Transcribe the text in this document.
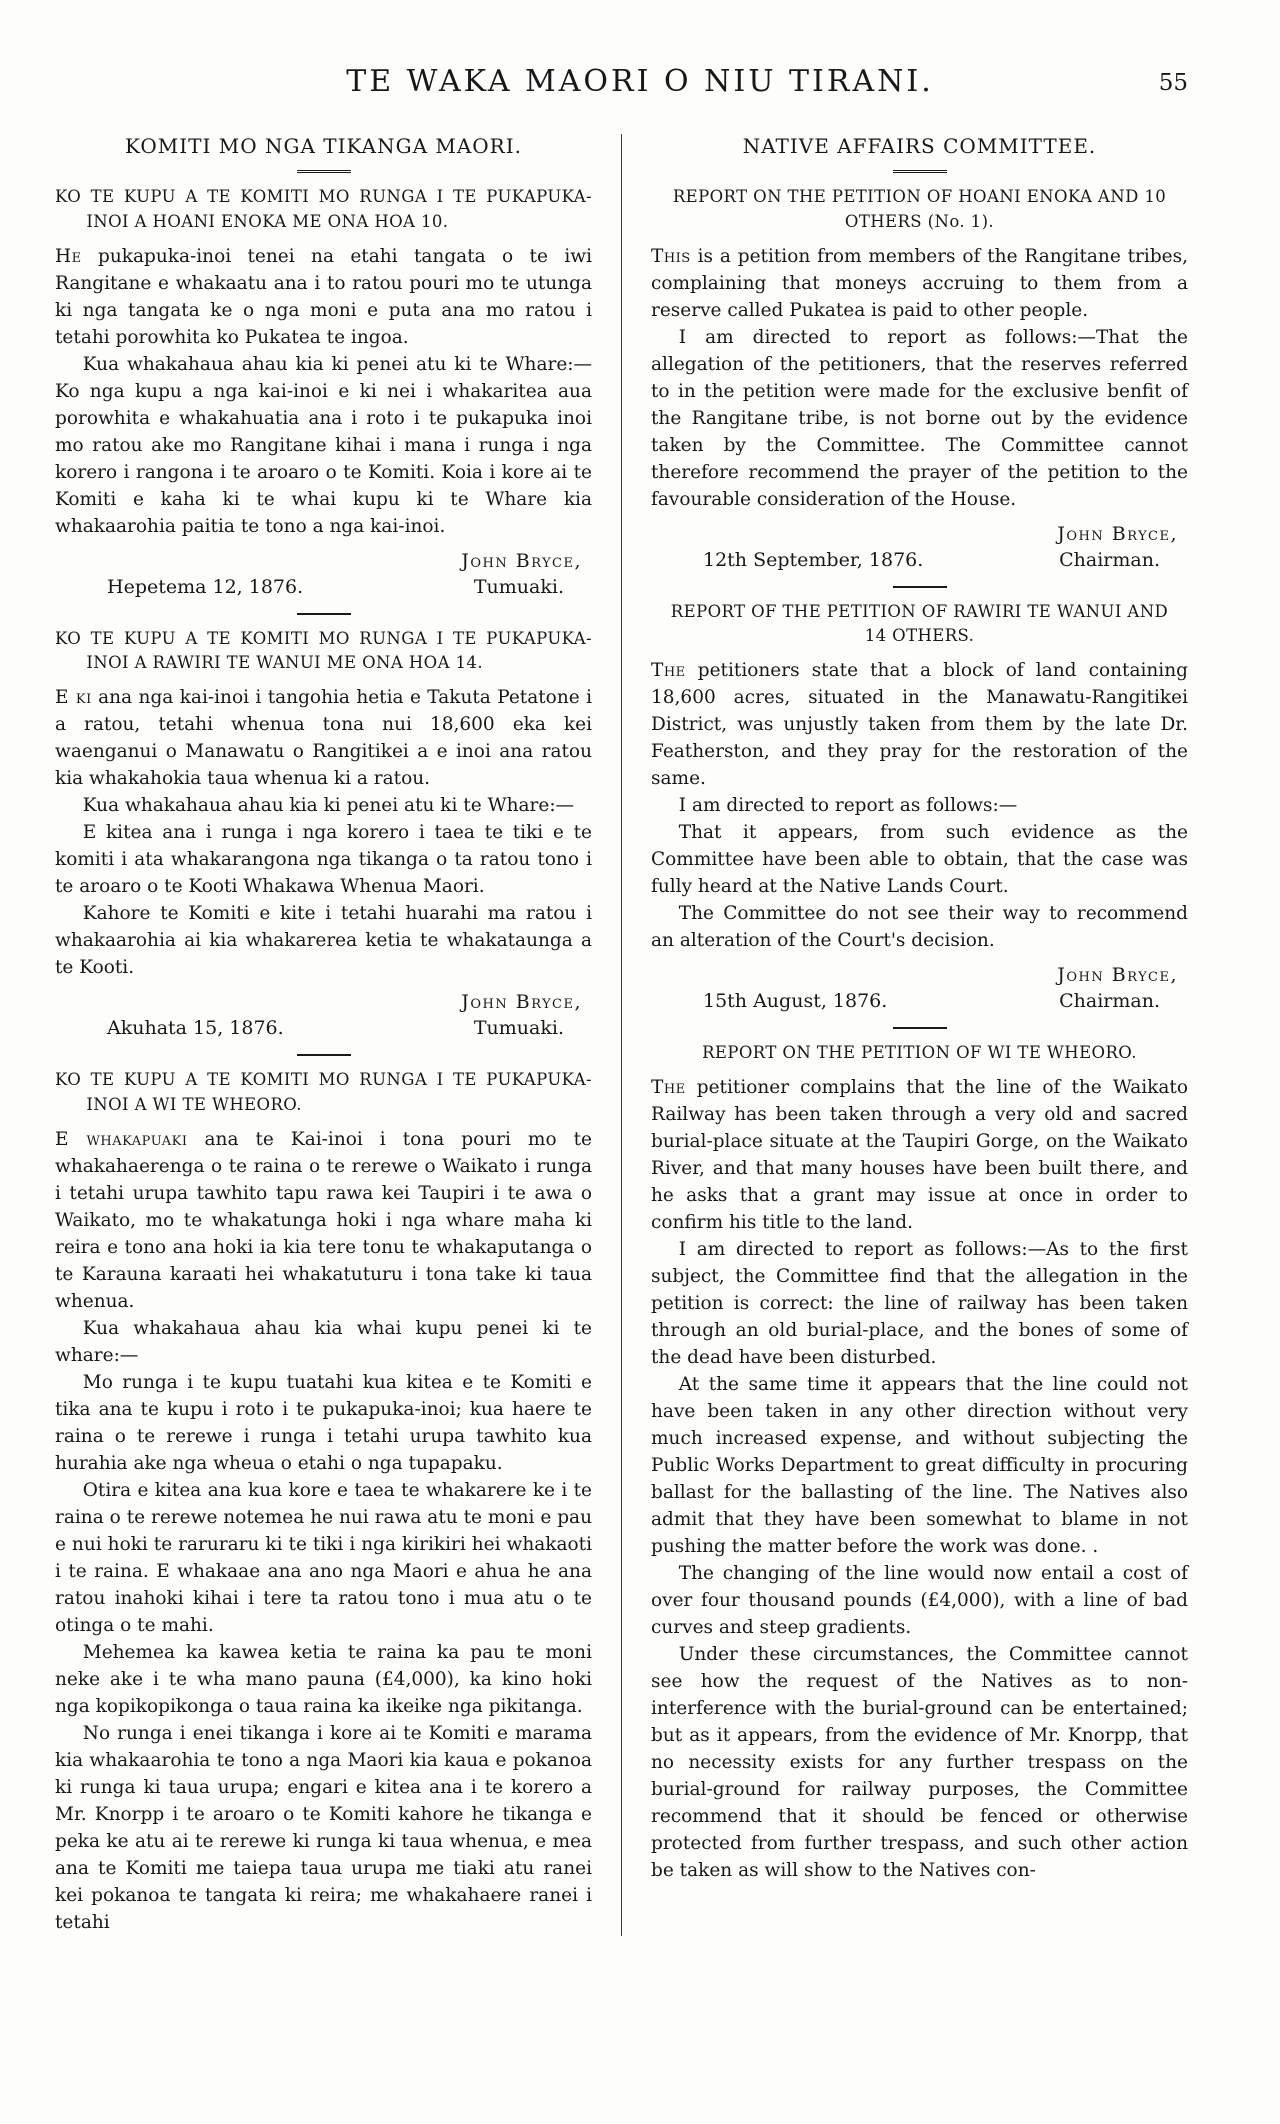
TE WAKA MAORI O NIU TIRANI.	55
KOMITI MO NGA TIKANGA MAORI.
KO TE KUPU A TE KOMITI MO RUNGA I TE PUKAPUKA-INOI A HOANI ENOKA ME ONA HOA 10.

He pukapuka-inoi tenei na etahi tangata o te iwi Rangitane e whakaatu ana i to ratou pouri mo te utunga ki nga tangata ke o nga moni e puta ana mo ratou i tetahi porowhita ko Pukatea te ingoa.

Kua whakahaua ahau kia ki penei atu ki te Whare:—Ko nga kupu a nga kai-inoi e ki nei i whakaritea aua porowhita e whakahuatia ana i roto i te pukapuka inoi mo ratou ake mo Rangitane kihai i mana i runga i nga korero i rangona i te aroaro o te Komiti. Koia i kore ai te Komiti e kaha ki te whai kupu ki te Whare kia whakaarohia paitia te tono a nga kai-inoi.

John Bryce,
Hepetema 12, 1876.	Tumuaki.
KO TE KUPU A TE KOMITI MO RUNGA I TE PUKAPUKA-INOI A RAWIRI TE WANUI ME ONA HOA 14.

E ki ana nga kai-inoi i tangohia hetia e Takuta Petatone i a ratou, tetahi whenua tona nui 18,600 eka kei waenganui o Manawatu o Rangitikei a e inoi ana ratou kia whakahokia taua whenua ki a ratou.

Kua whakahaua ahau kia ki penei atu ki te Whare:—

E kitea ana i runga i nga korero i taea te tiki e te komiti i ata whakarangona nga tikanga o ta ratou tono i te aroaro o te Kooti Whakawa Whenua Maori.

Kahore te Komiti e kite i tetahi huarahi ma ratou i whakaarohia ai kia whakarerea ketia te whakataunga a te Kooti.

John Bryce,
Akuhata 15, 1876.	Tumuaki.
KO TE KUPU A TE KOMITI MO RUNGA I TE PUKAPUKA-INOI A WI TE WHEORO.

E whakapuaki ana te Kai-inoi i tona pouri mo te whakahaerenga o te raina o te rerewe o Waikato i runga i tetahi urupa tawhito tapu rawa kei Taupiri i te awa o Waikato, mo te whakatunga hoki i nga whare maha ki reira e tono ana hoki ia kia tere tonu te whakaputanga o te Karauna karaati hei whakatuturu i tona take ki taua whenua.

Kua whakahaua ahau kia whai kupu penei ki te whare:—

Mo runga i te kupu tuatahi kua kitea e te Komiti e tika ana te kupu i roto i te pukapuka-inoi; kua haere te raina o te rerewe i runga i tetahi urupa tawhito kua hurahia ake nga wheua o etahi o nga tupapaku.

Otira e kitea ana kua kore e taea te whakarere ke i te raina o te rerewe notemea he nui rawa atu te moni e pau e nui hoki te raruraru ki te tiki i nga kirikiri hei whakaoti i te raina. E whakaae ana ano nga Maori e ahua he ana ratou inahoki kihai i tere ta ratou tono i mua atu o te otinga o te mahi.

Mehemea ka kawea ketia te raina ka pau te moni neke ake i te wha mano pauna (£4,000), ka kino hoki nga kopikopikonga o taua raina ka ikeike nga pikitanga.

No runga i enei tikanga i kore ai te Komiti e marama kia whakaarohia te tono a nga Maori kia kaua e pokanoa ki runga ki taua urupa; engari e kitea ana i te korero a Mr. Knorpp i te aroaro o te Komiti kahore he tikanga e peka ke atu ai te rerewe ki runga ki taua whenua, e mea ana te Komiti me taiepa taua urupa me tiaki atu ranei kei pokanoa te tangata ki reira; me whakahaere ranei i tetahi

NATIVE AFFAIRS COMMITTEE.
REPORT ON THE PETITION OF HOANI ENOKA AND 10 OTHERS (No. 1).

This is a petition from members of the Rangitane tribes, complaining that moneys accruing to them from a reserve called Pukatea is paid to other people.

I am directed to report as follows:—That the allegation of the petitioners, that the reserves referred to in the petition were made for the exclusive benfit of the Rangitane tribe, is not borne out by the evidence taken by the Committee. The Committee cannot therefore recommend the prayer of the petition to the favourable consideration of the House.

John Bryce,
12th September, 1876.	Chairman.
REPORT OF THE PETITION OF RAWIRI TE WANUI AND 14 OTHERS.

The petitioners state that a block of land containing 18,600 acres, situated in the Manawatu-Rangitikei District, was unjustly taken from them by the late Dr. Featherston, and they pray for the restoration of the same.

I am directed to report as follows:—

That it appears, from such evidence as the Committee have been able to obtain, that the case was fully heard at the Native Lands Court.

The Committee do not see their way to recommend an alteration of the Court's decision.

John Bryce,
15th August, 1876.	Chairman.
REPORT ON THE PETITION OF WI TE WHEORO.

The petitioner complains that the line of the Waikato Railway has been taken through a very old and sacred burial-place situate at the Taupiri Gorge, on the Waikato River, and that many houses have been built there, and he asks that a grant may issue at once in order to confirm his title to the land.

I am directed to report as follows:—As to the first subject, the Committee find that the allegation in the petition is correct: the line of railway has been taken through an old burial-place, and the bones of some of the dead have been disturbed.

At the same time it appears that the line could not have been taken in any other direction without very much increased expense, and without subjecting the Public Works Department to great difficulty in procuring ballast for the ballasting of the line. The Natives also admit that they have been somewhat to blame in not pushing the matter before the work was done. .

The changing of the line would now entail a cost of over four thousand pounds (£4,000), with a line of bad curves and steep gradients.

Under these circumstances, the Committee cannot see how the request of the Natives as to non-interference with the burial-ground can be entertained; but as it appears, from the evidence of Mr. Knorpp, that no necessity exists for any further trespass on the burial-ground for railway purposes, the Committee recommend that it should be fenced or otherwise protected from further trespass, and such other action be taken as will show to the Natives con-
